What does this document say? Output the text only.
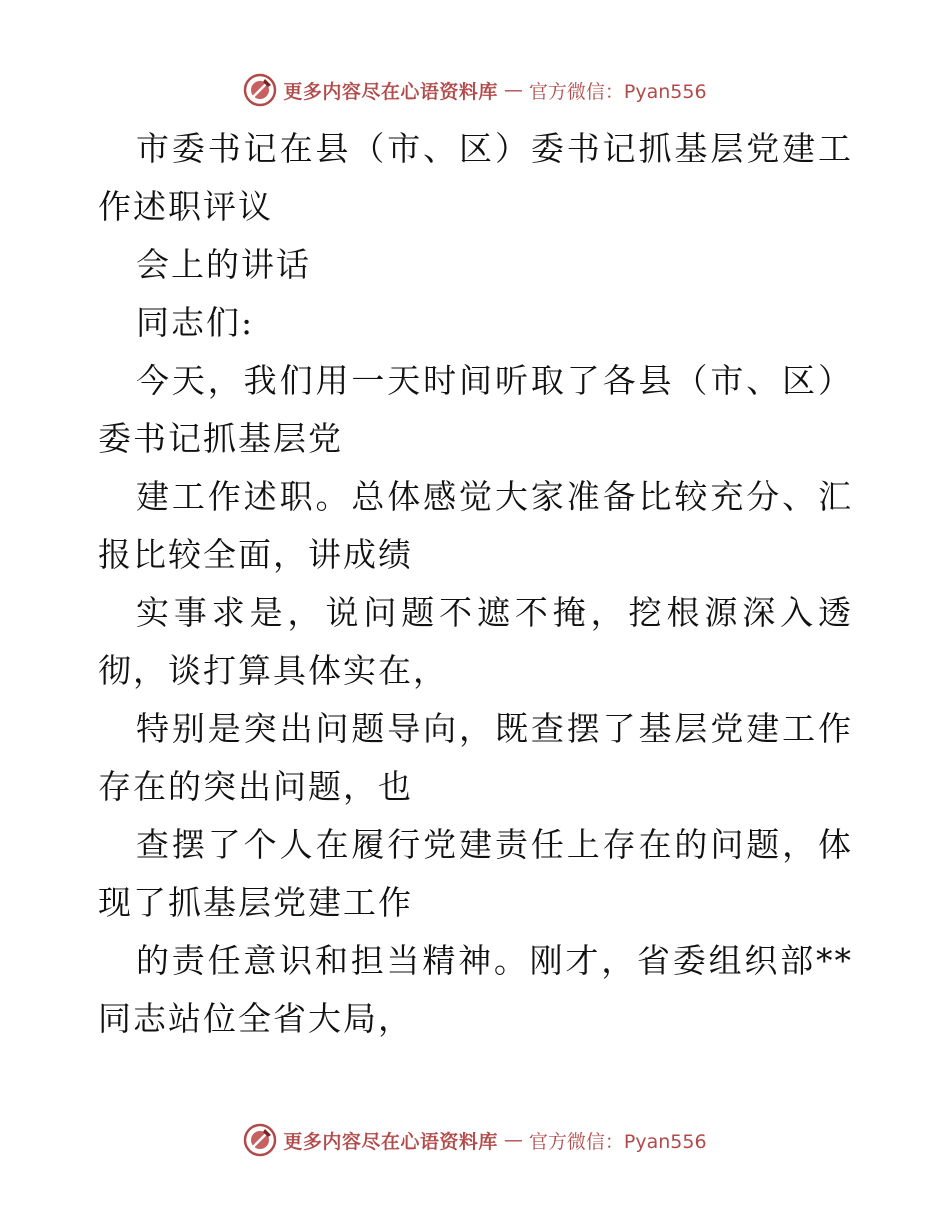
更多内容尽在心语资料库 — 官方微信：Pyan556

市委书记在县（市、区）委书记抓基层党建工作述职评议

会上的讲话

同志们:

今天，我们用一天时间听取了各县（市、区）委书记抓基层党

建工作述职。总体感觉大家准备比较充分、汇报比较全面，讲成绩

实事求是，说问题不遮不掩，挖根源深入透彻，谈打算具体实在，

特别是突出问题导向，既查摆了基层党建工作存在的突出问题，也

查摆了个人在履行党建责任上存在的问题，体现了抓基层党建工作

的责任意识和担当精神。刚才，省委组织部**同志站位全省大局，

更多内容尽在心语资料库 — 官方微信：Pyan556
